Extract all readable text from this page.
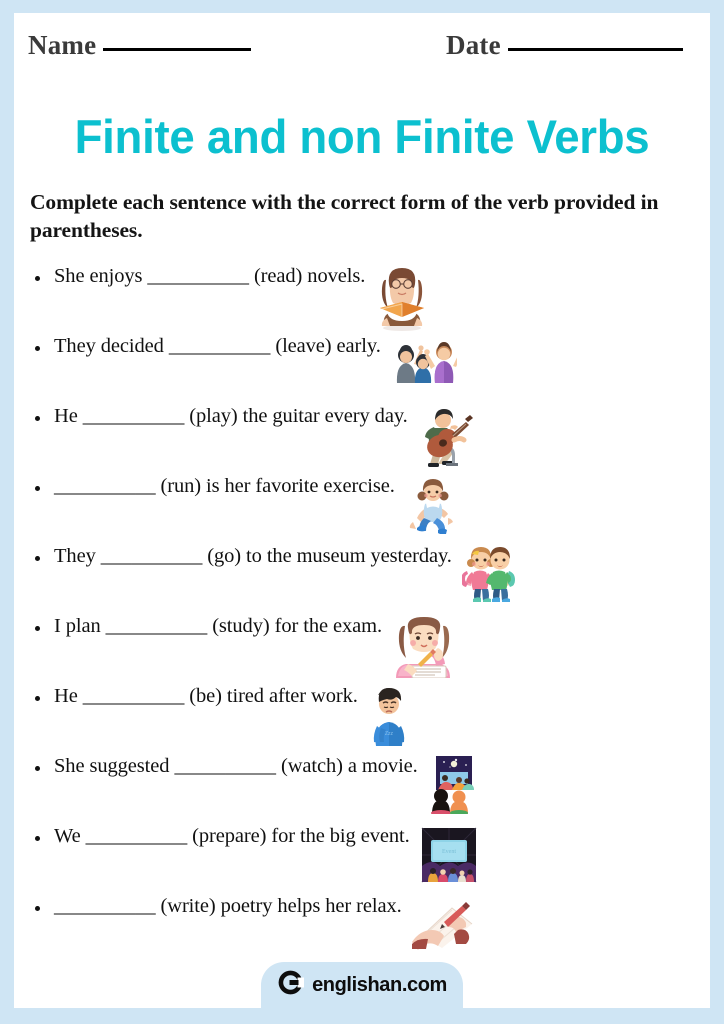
Name	Date
Finite and non Finite Verbs
Complete each sentence with the correct form of the verb provided in parentheses.
She enjoys __________ (read) novels.
They decided __________ (leave) early.
He __________ (play) the guitar every day.
__________ (run) is her favorite exercise.
They __________ (go) to the museum yesterday.
I plan __________ (study) for the exam.
He __________ (be) tired after work.
Zzz
She suggested __________ (watch) a movie.
We __________ (prepare) for the big event.
Event
__________ (write) poetry helps her relax.
englishan.com
